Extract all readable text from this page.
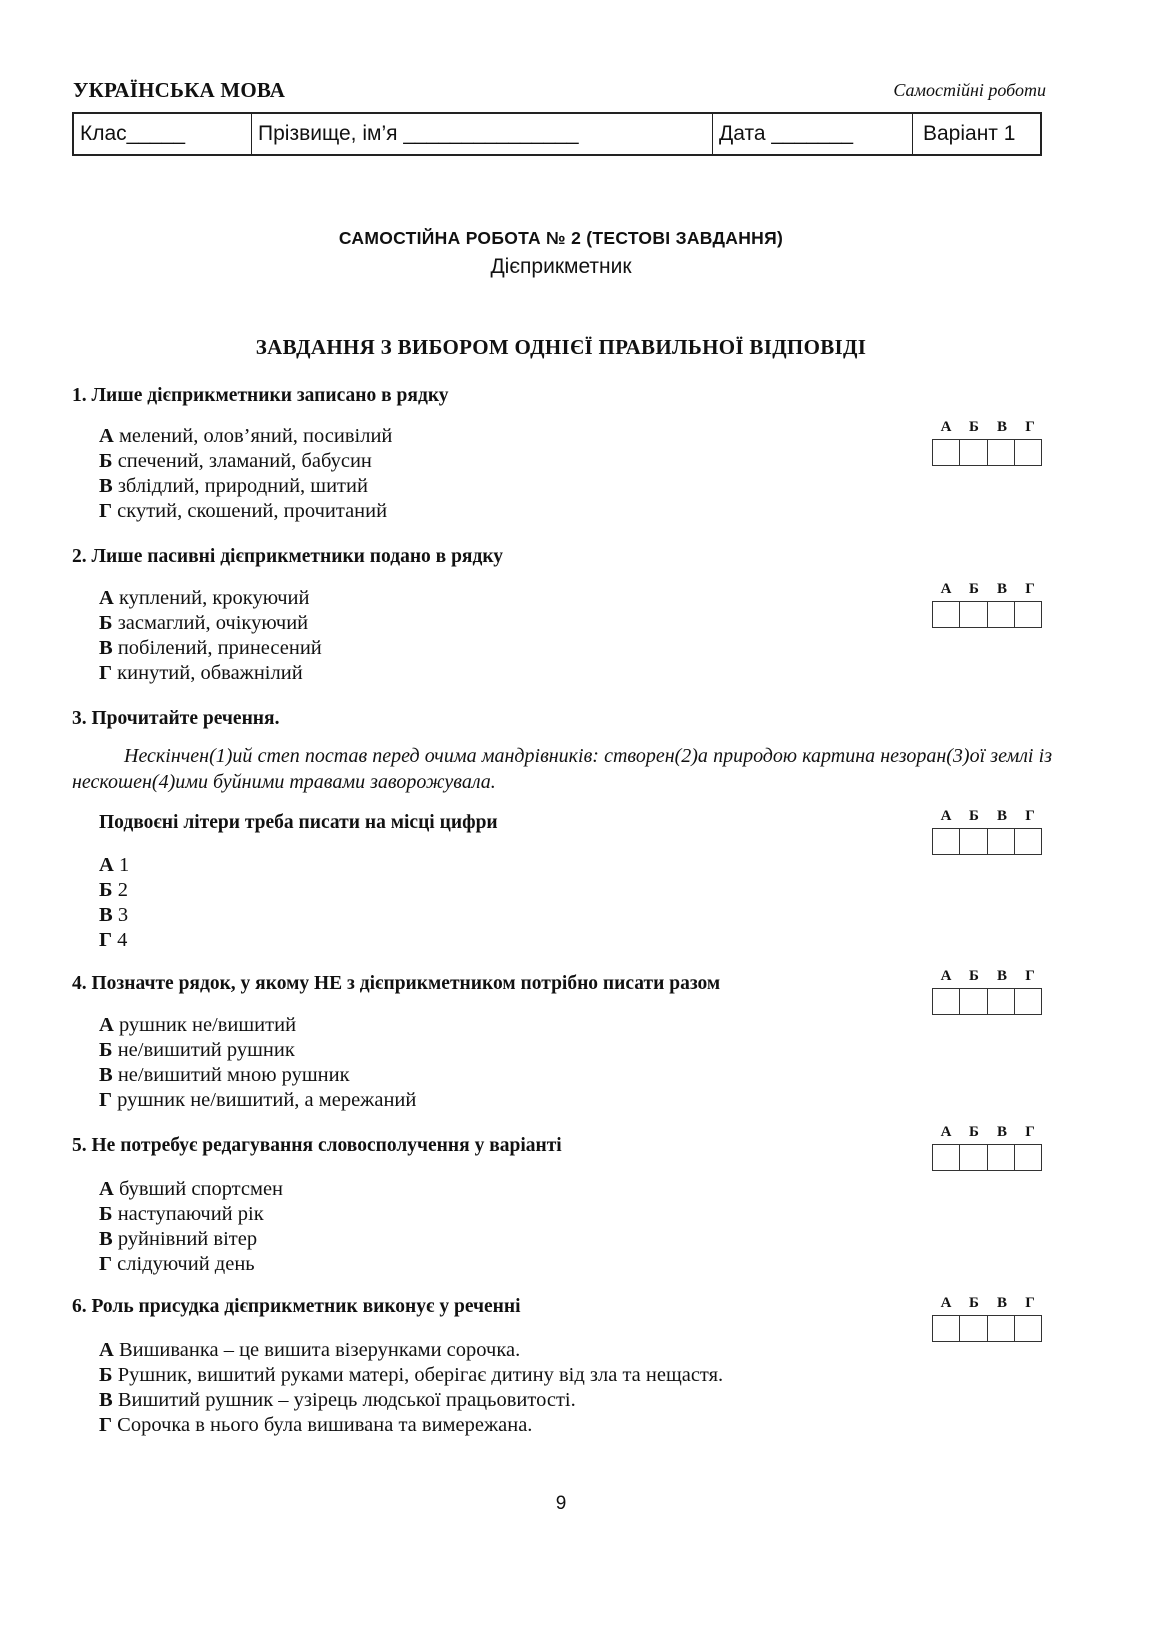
УКРАЇНСЬКА МОВА	Самостійні роботи
Клас_____	Прізвище, ім’я _______________	Дата _______	Варіант 1
САМОСТІЙНА РОБОТА № 2 (ТЕСТОВІ ЗАВДАННЯ)
Дієприкметник
ЗАВДАННЯ З ВИБОРОМ ОДНІЄЇ ПРАВИЛЬНОЇ ВІДПОВІДІ
1. Лише дієприкметники записано в рядку
А мелений, олов’яний, посивілий
Б спечений, зламаний, бабусин
В зблідлий, природний, шитий
Г скутий, скошений, прочитаний
А	Б	В	Г
2. Лише пасивні дієприкметники подано в рядку
А куплений, крокуючий
Б засмаглий, очікуючий
В побілений, принесений
Г кинутий, обважнілий
А	Б	В	Г
3. Прочитайте речення.
Нескінчен(1)ий степ постав перед очима мандрівників: створен(2)а природою картина незоран(3)ої землі із нескошен(4)ими буйними травами заворожувала.
Подвоєні літери треба писати на місці цифри
А 1
Б 2
В 3
Г 4
А	Б	В	Г
4. Позначте рядок, у якому НЕ з дієприкметником потрібно писати разом
А рушник не/вишитий
Б не/вишитий рушник
В не/вишитий мною рушник
Г рушник не/вишитий, а мережаний
А	Б	В	Г
5. Не потребує редагування словосполучення у варіанті
А бувший спортсмен
Б наступаючий рік
В руйнівний вітер
Г слідуючий день
А	Б	В	Г
6. Роль присудка дієприкметник виконує у реченні
А Вишиванка – це вишита візерунками сорочка.
Б Рушник, вишитий руками матері, оберігає дитину від зла та нещастя.
В Вишитий рушник – узірець людської працьовитості.
Г Сорочка в нього була вишивана та вимережана.
А	Б	В	Г
9
